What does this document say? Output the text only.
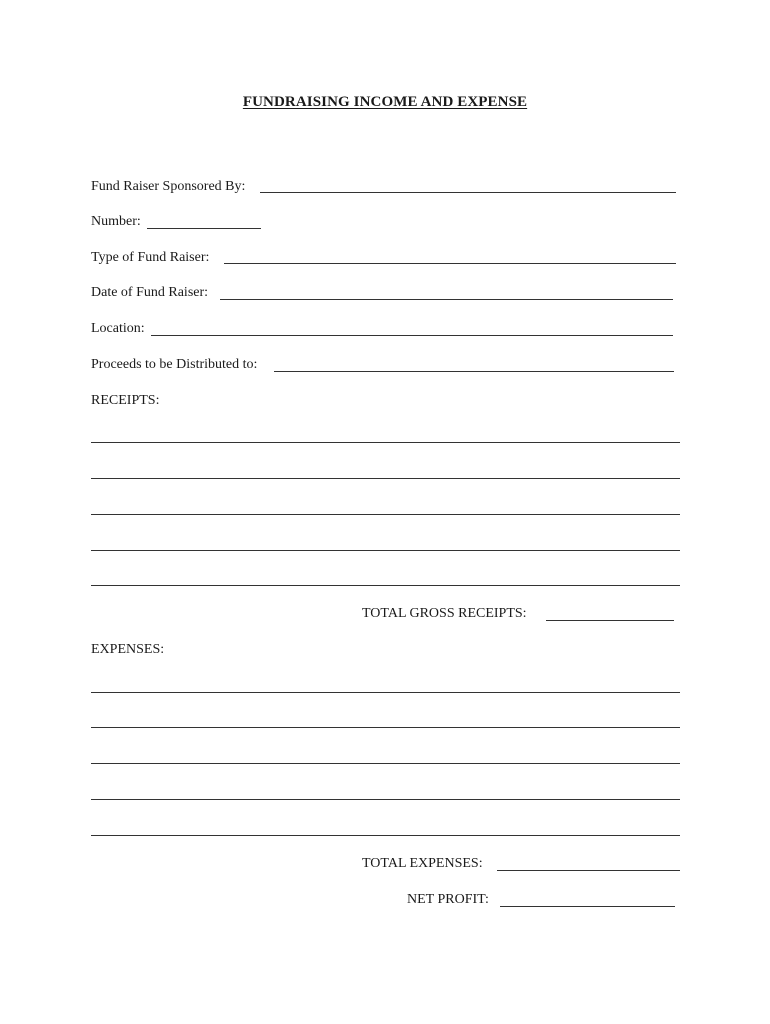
FUNDRAISING INCOME AND EXPENSE
Fund Raiser Sponsored By:
Number:
Type of Fund Raiser:
Date of Fund Raiser:
Location:
Proceeds to be Distributed to:
RECEIPTS:
TOTAL GROSS RECEIPTS:
EXPENSES:
TOTAL EXPENSES:
NET PROFIT:
